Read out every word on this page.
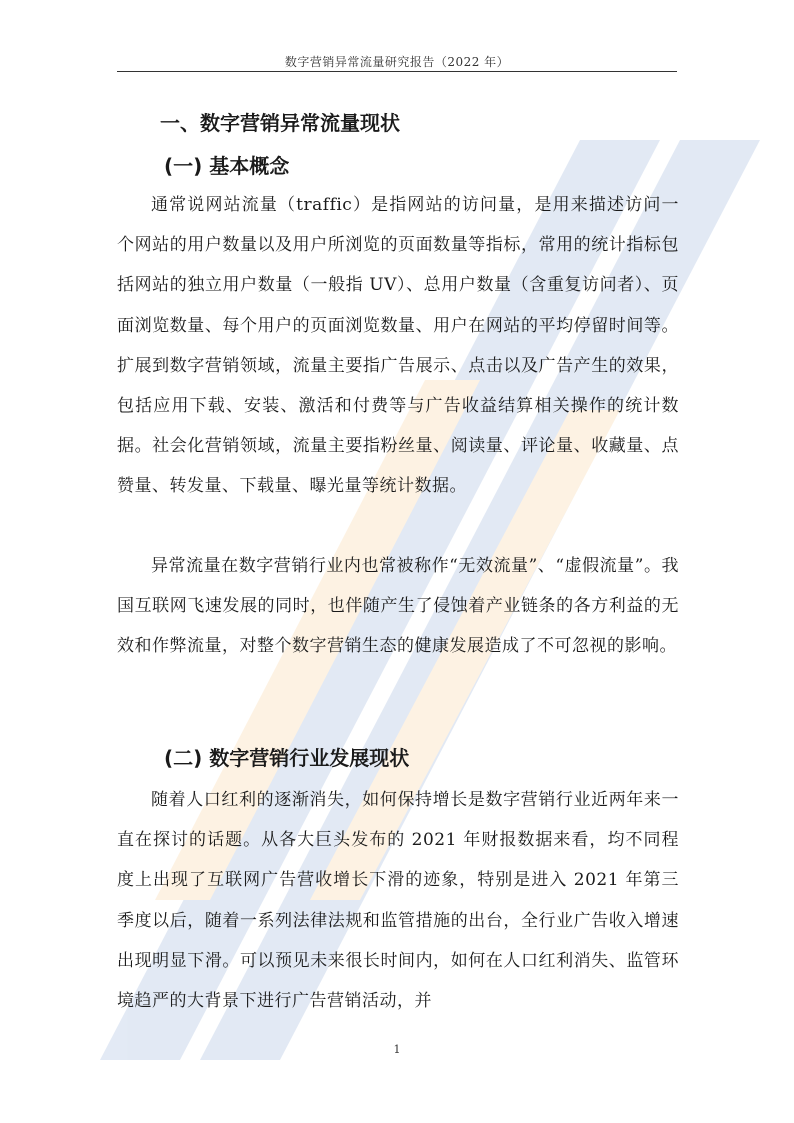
数字营销异常流量研究报告（2022 年）
一、数字营销异常流量现状
(一) 基本概念

通常说网站流量（traffic）是指网站的访问量，是用来描述访问一个网站的用户数量以及用户所浏览的页面数量等指标，常用的统计指标包括网站的独立用户数量（一般指 UV）、总用户数量（含重复访问者）、页面浏览数量、每个用户的页面浏览数量、用户在网站的平均停留时间等。扩展到数字营销领域，流量主要指广告展示、点击以及广告产生的效果，包括应用下载、安装、激活和付费等与广告收益结算相关操作的统计数据。社会化营销领域，流量主要指粉丝量、阅读量、评论量、收藏量、点赞量、转发量、下载量、曝光量等统计数据。

异常流量在数字营销行业内也常被称作“无效流量”、“虚假流量”。我国互联网飞速发展的同时，也伴随产生了侵蚀着产业链条的各方利益的无效和作弊流量，对整个数字营销生态的健康发展造成了不可忽视的影响。

(二) 数字营销行业发展现状

随着人口红利的逐渐消失，如何保持增长是数字营销行业近两年来一直在探讨的话题。从各大巨头发布的 2021 年财报数据来看，均不同程度上出现了互联网广告营收增长下滑的迹象，特别是进入 2021 年第三季度以后，随着一系列法律法规和监管措施的出台，全行业广告收入增速出现明显下滑。可以预见未来很长时间内，如何在人口红利消失、监管环境趋严的大背景下进行广告营销活动，并

1
